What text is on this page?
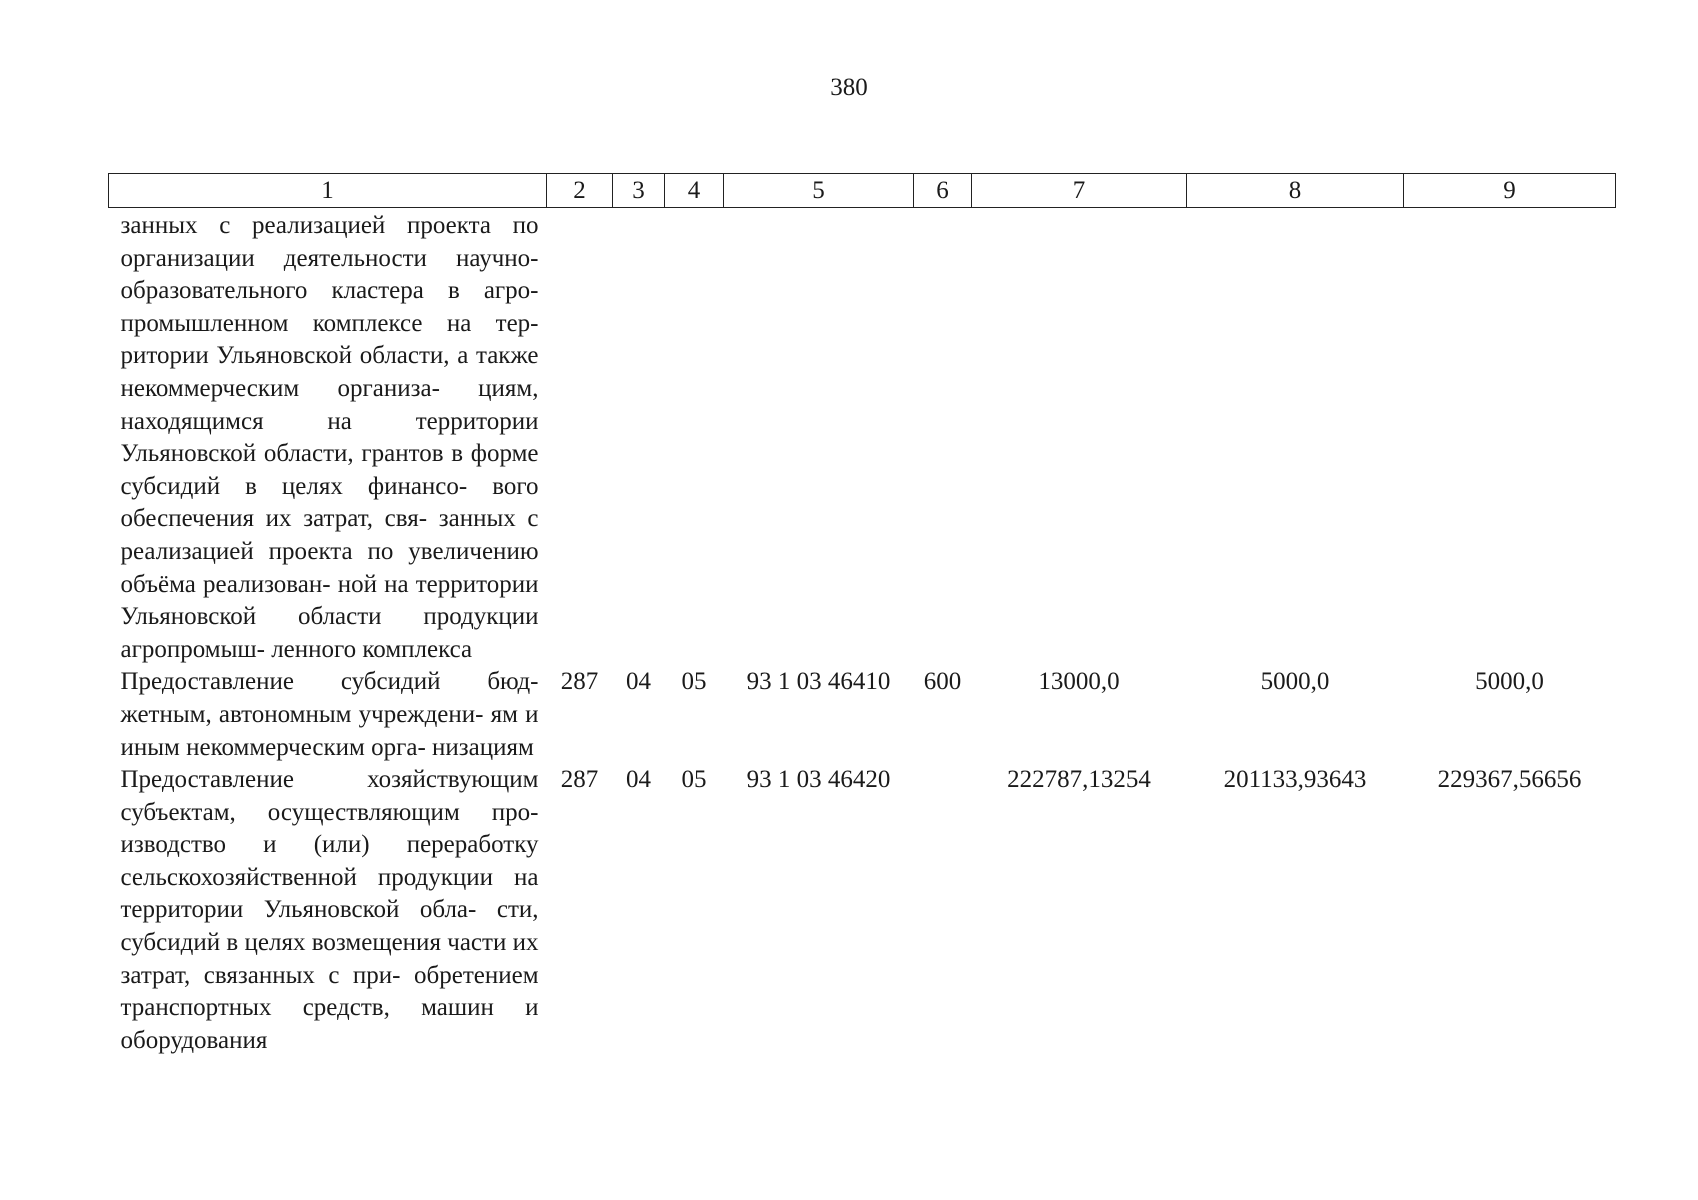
380
1	2	3	4	5	6	7	8	9
занных с реализацией проекта по организации деятельности научно- образовательного кластера в агро- промышленном комплексе на тер- ритории Ульяновской области, а также некоммерческим организа- циям, находящимся на территории Ульяновской области, грантов в форме субсидий в целях финансо- вого обеспечения их затрат, свя- занных с реализацией проекта по увеличению объёма реализован- ной на территории Ульяновской области продукции агропромыш- ленного комплекса								
Предоставление субсидий бюд- жетным, автономным учреждени- ям и иным некоммерческим орга- низациям	287	04	05	93 1 03 46410	600	13000,0	5000,0	5000,0
Предоставление хозяйствующим субъектам, осуществляющим про- изводство и (или) переработку сельскохозяйственной продукции на территории Ульяновской обла- сти, субсидий в целях возмещения части их затрат, связанных с при- обретением транспортных средств, машин и оборудования	287	04	05	93 1 03 46420		222787,13254	201133,93643	229367,56656
